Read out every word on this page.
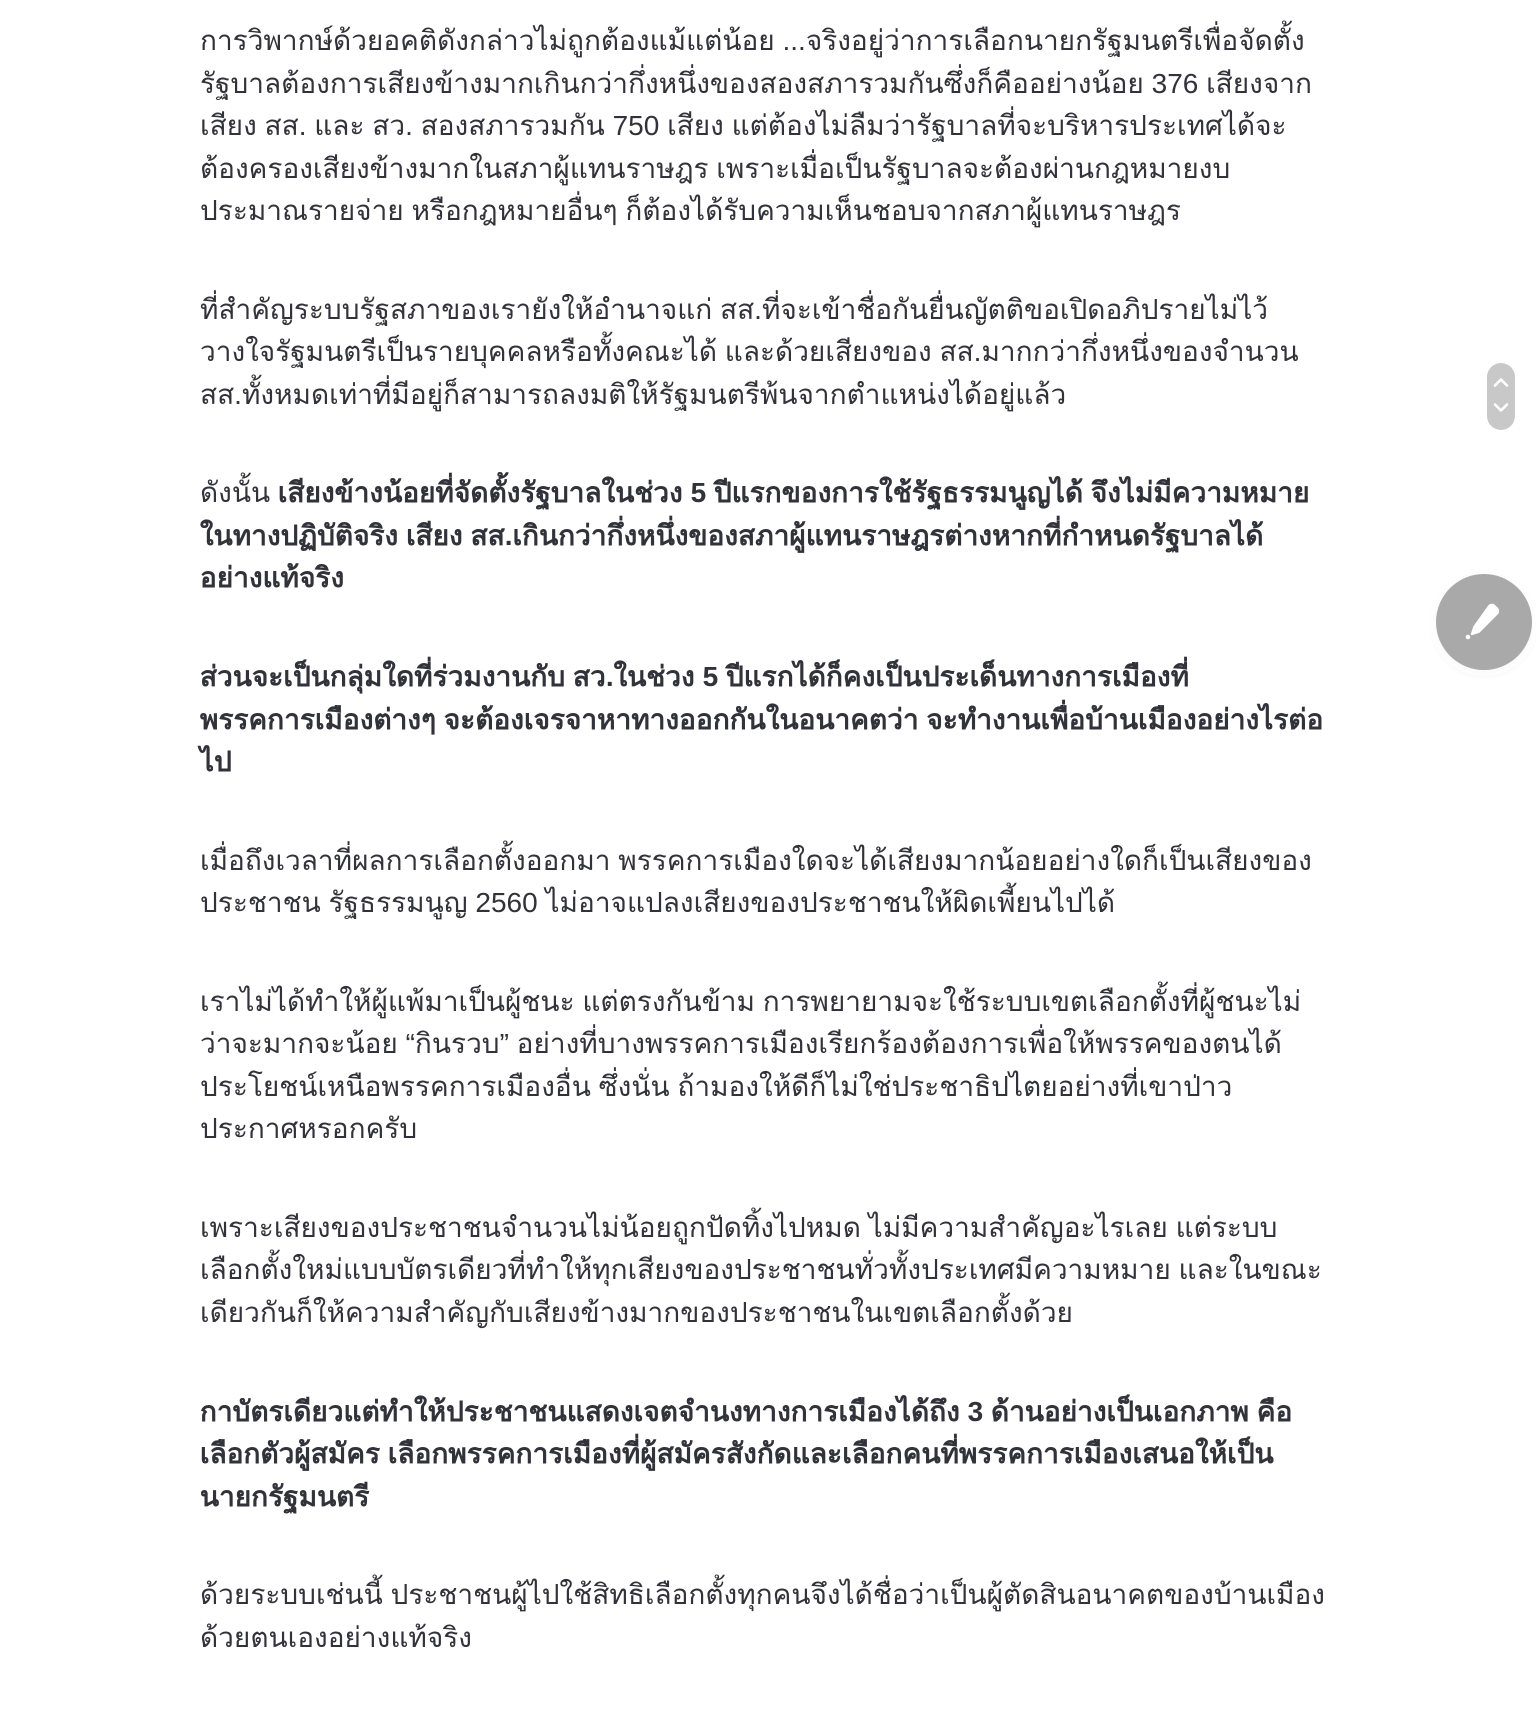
การวิพากษ์ด้วยอคติดังกล่าวไม่ถูกต้องแม้แต่น้อย ...จริงอยู่ว่าการเลือกนายกรัฐมนตรีเพื่อจัดตั้งรัฐบาลต้องการเสียงข้างมากเกินกว่ากึ่งหนึ่งของสองสภารวมกันซึ่งก็คืออย่างน้อย 376 เสียงจากเสียง สส. และ สว. สองสภารวมกัน 750 เสียง แต่ต้องไม่ลืมว่ารัฐบาลที่จะบริหารประเทศได้จะต้องครองเสียงข้างมากในสภาผู้แทนราษฎร เพราะเมื่อเป็นรัฐบาลจะต้องผ่านกฎหมายงบประมาณรายจ่าย หรือกฎหมายอื่นๆ ก็ต้องได้รับความเห็นชอบจากสภาผู้แทนราษฎร

ที่สำคัญระบบรัฐสภาของเรายังให้อำนาจแก่ สส.ที่จะเข้าชื่อกันยื่นญัตติขอเปิดอภิปรายไม่ไว้วางใจรัฐมนตรีเป็นรายบุคคลหรือทั้งคณะได้ และด้วยเสียงของ สส.มากกว่ากึ่งหนึ่งของจำนวน สส.ทั้งหมดเท่าที่มีอยู่ก็สามารถลงมติให้รัฐมนตรีพ้นจากตำแหน่งได้อยู่แล้ว

ดังนั้น เสียงข้างน้อยที่จัดตั้งรัฐบาลในช่วง 5 ปีแรกของการใช้รัฐธรรมนูญได้ จึงไม่มีความหมายในทางปฏิบัติจริง เสียง สส.เกินกว่ากึ่งหนึ่งของสภาผู้แทนราษฎรต่างหากที่กำหนดรัฐบาลได้อย่างแท้จริง

ส่วนจะเป็นกลุ่มใดที่ร่วมงานกับ สว.ในช่วง 5 ปีแรกได้ก็คงเป็นประเด็นทางการเมืองที่พรรคการเมืองต่างๆ จะต้องเจรจาหาทางออกกันในอนาคตว่า จะทำงานเพื่อบ้านเมืองอย่างไรต่อไป

เมื่อถึงเวลาที่ผลการเลือกตั้งออกมา พรรคการเมืองใดจะได้เสียงมากน้อยอย่างใดก็เป็นเสียงของประชาชน รัฐธรรมนูญ 2560 ไม่อาจแปลงเสียงของประชาชนให้ผิดเพี้ยนไปได้

เราไม่ได้ทำให้ผู้แพ้มาเป็นผู้ชนะ แต่ตรงกันข้าม การพยายามจะใช้ระบบเขตเลือกตั้งที่ผู้ชนะไม่ว่าจะมากจะน้อย “กินรวบ” อย่างที่บางพรรคการเมืองเรียกร้องต้องการเพื่อให้พรรคของตนได้ประโยชน์เหนือพรรคการเมืองอื่น ซึ่งนั่น ถ้ามองให้ดีก็ไม่ใช่ประชาธิปไตยอย่างที่เขาป่าวประกาศหรอกครับ

เพราะเสียงของประชาชนจำนวนไม่น้อยถูกปัดทิ้งไปหมด ไม่มีความสำคัญอะไรเลย แต่ระบบเลือกตั้งใหม่แบบบัตรเดียวที่ทำให้ทุกเสียงของประชาชนทั่วทั้งประเทศมีความหมาย และในขณะเดียวกันก็ให้ความสำคัญกับเสียงข้างมากของประชาชนในเขตเลือกตั้งด้วย

กาบัตรเดียวแต่ทำให้ประชาชนแสดงเจตจำนงทางการเมืองได้ถึง 3 ด้านอย่างเป็นเอกภาพ คือ เลือกตัวผู้สมัคร เลือกพรรคการเมืองที่ผู้สมัครสังกัดและเลือกคนที่พรรคการเมืองเสนอให้เป็นนายกรัฐมนตรี

ด้วยระบบเช่นนี้ ประชาชนผู้ไปใช้สิทธิเลือกตั้งทุกคนจึงได้ชื่อว่าเป็นผู้ตัดสินอนาคตของบ้านเมืองด้วยตนเองอย่างแท้จริง
